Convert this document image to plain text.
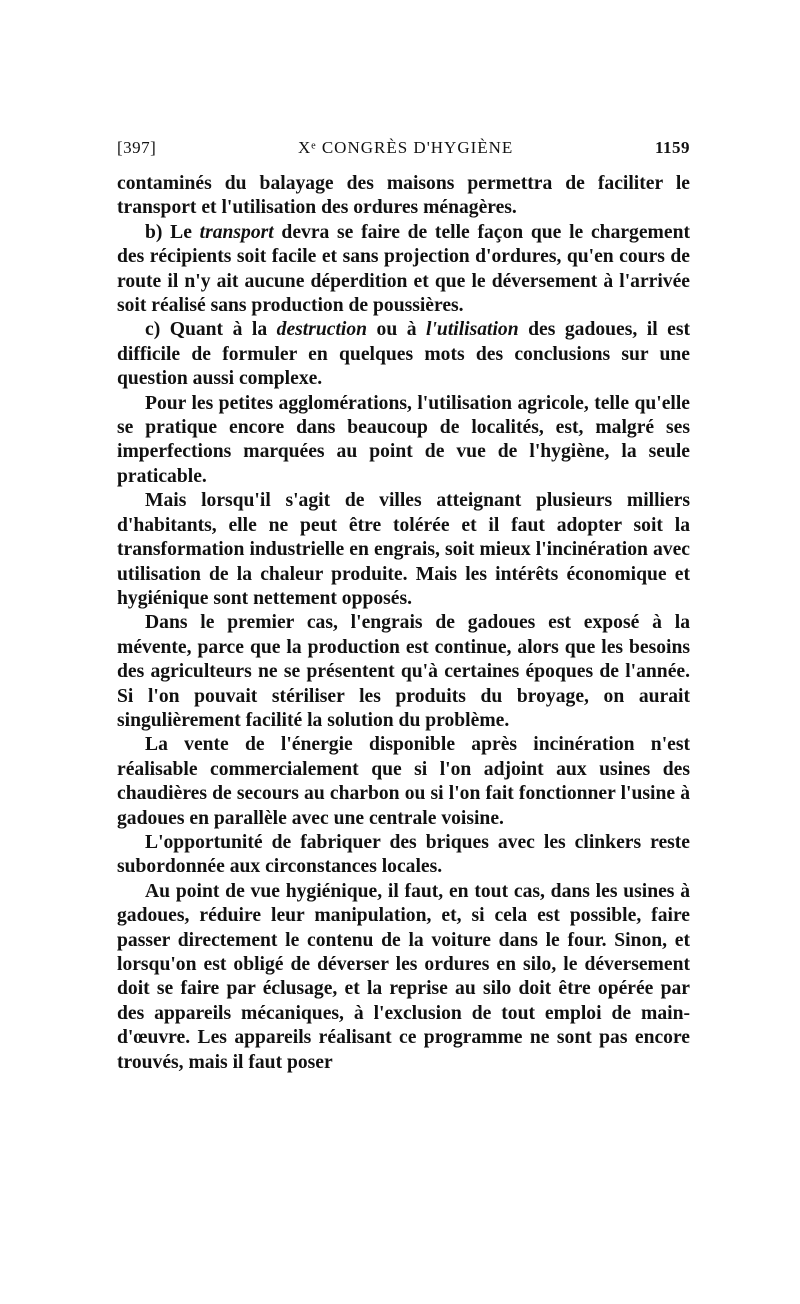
[397]	Xᵉ CONGRÈS D'HYGIÈNE	1159

contaminés du balayage des maisons permettra de faciliter le transport et l'utilisation des ordures ménagères.

b) Le transport devra se faire de telle façon que le chargement des récipients soit facile et sans projection d'ordures, qu'en cours de route il n'y ait aucune déperdition et que le déversement à l'arrivée soit réalisé sans production de poussières.

c) Quant à la destruction ou à l'utilisation des gadoues, il est difficile de formuler en quelques mots des conclusions sur une question aussi complexe.

Pour les petites agglomérations, l'utilisation agricole, telle qu'elle se pratique encore dans beaucoup de localités, est, malgré ses imperfections marquées au point de vue de l'hygiène, la seule praticable.

Mais lorsqu'il s'agit de villes atteignant plusieurs milliers d'habitants, elle ne peut être tolérée et il faut adopter soit la transformation industrielle en engrais, soit mieux l'incinération avec utilisation de la chaleur produite. Mais les intérêts économique et hygiénique sont nettement opposés.

Dans le premier cas, l'engrais de gadoues est exposé à la mévente, parce que la production est continue, alors que les besoins des agriculteurs ne se présentent qu'à certaines époques de l'année. Si l'on pouvait stériliser les produits du broyage, on aurait singulièrement facilité la solution du problème.

La vente de l'énergie disponible après incinération n'est réalisable commercialement que si l'on adjoint aux usines des chaudières de secours au charbon ou si l'on fait fonctionner l'usine à gadoues en parallèle avec une centrale voisine.

L'opportunité de fabriquer des briques avec les clinkers reste subordonnée aux circonstances locales.

Au point de vue hygiénique, il faut, en tout cas, dans les usines à gadoues, réduire leur manipulation, et, si cela est possible, faire passer directement le contenu de la voiture dans le four. Sinon, et lorsqu'on est obligé de déverser les ordures en silo, le déversement doit se faire par éclusage, et la reprise au silo doit être opérée par des appareils mécaniques, à l'exclusion de tout emploi de main-d'œuvre. Les appareils réalisant ce programme ne sont pas encore trouvés, mais il faut poser
